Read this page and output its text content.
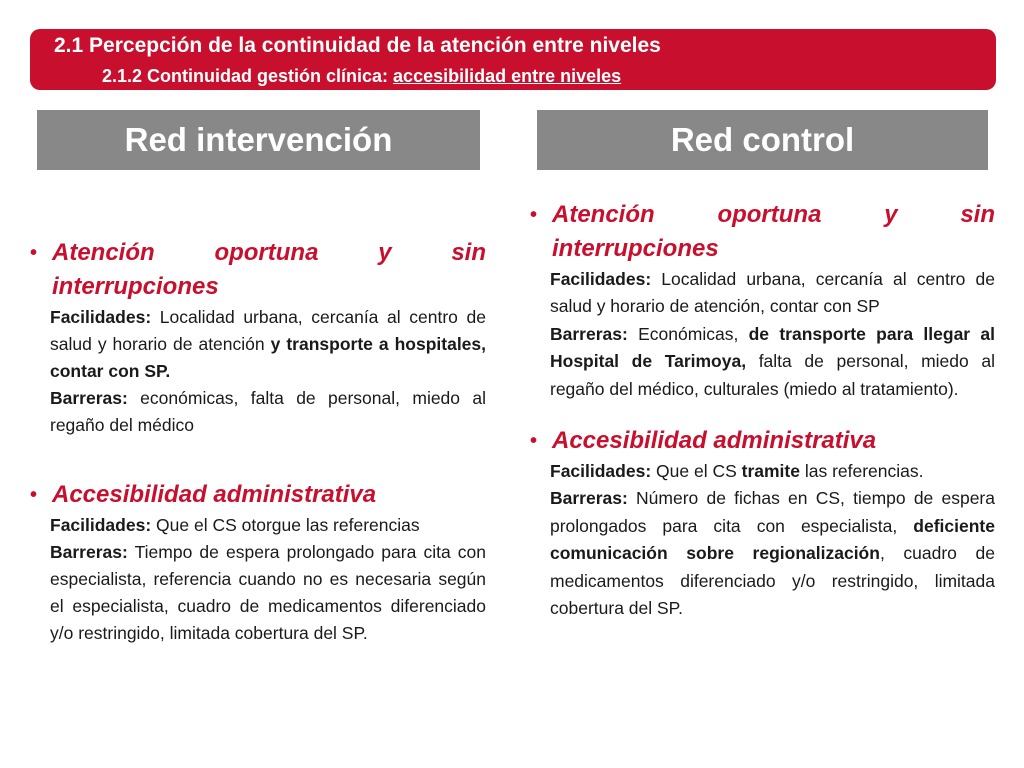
2.1 Percepción de la continuidad de la atención entre niveles
2.1.2 Continuidad gestión clínica: accesibilidad entre niveles
Red intervención	Red control
• Atención oportuna y sin interrupciones
Facilidades: Localidad urbana, cercanía al centro de salud y horario de atención y transporte a hospitales, contar con SP.
Barreras: económicas, falta de personal, miedo al regaño del médico
• Accesibilidad administrativa
Facilidades: Que el CS otorgue las referencias
Barreras: Tiempo de espera prolongado para cita con especialista, referencia cuando no es necesaria según el especialista, cuadro de medicamentos diferenciado y/o restringido, limitada cobertura del SP.
• Atención oportuna y sin interrupciones
Facilidades: Localidad urbana, cercanía al centro de salud y horario de atención, contar con SP
Barreras: Económicas, de transporte para llegar al Hospital de Tarimoya, falta de personal, miedo al regaño del médico, culturales (miedo al tratamiento).
• Accesibilidad administrativa
Facilidades: Que el CS tramite las referencias.
Barreras: Número de fichas en CS, tiempo de espera prolongados para cita con especialista, deficiente comunicación sobre regionalización, cuadro de medicamentos diferenciado y/o restringido, limitada cobertura del SP.
